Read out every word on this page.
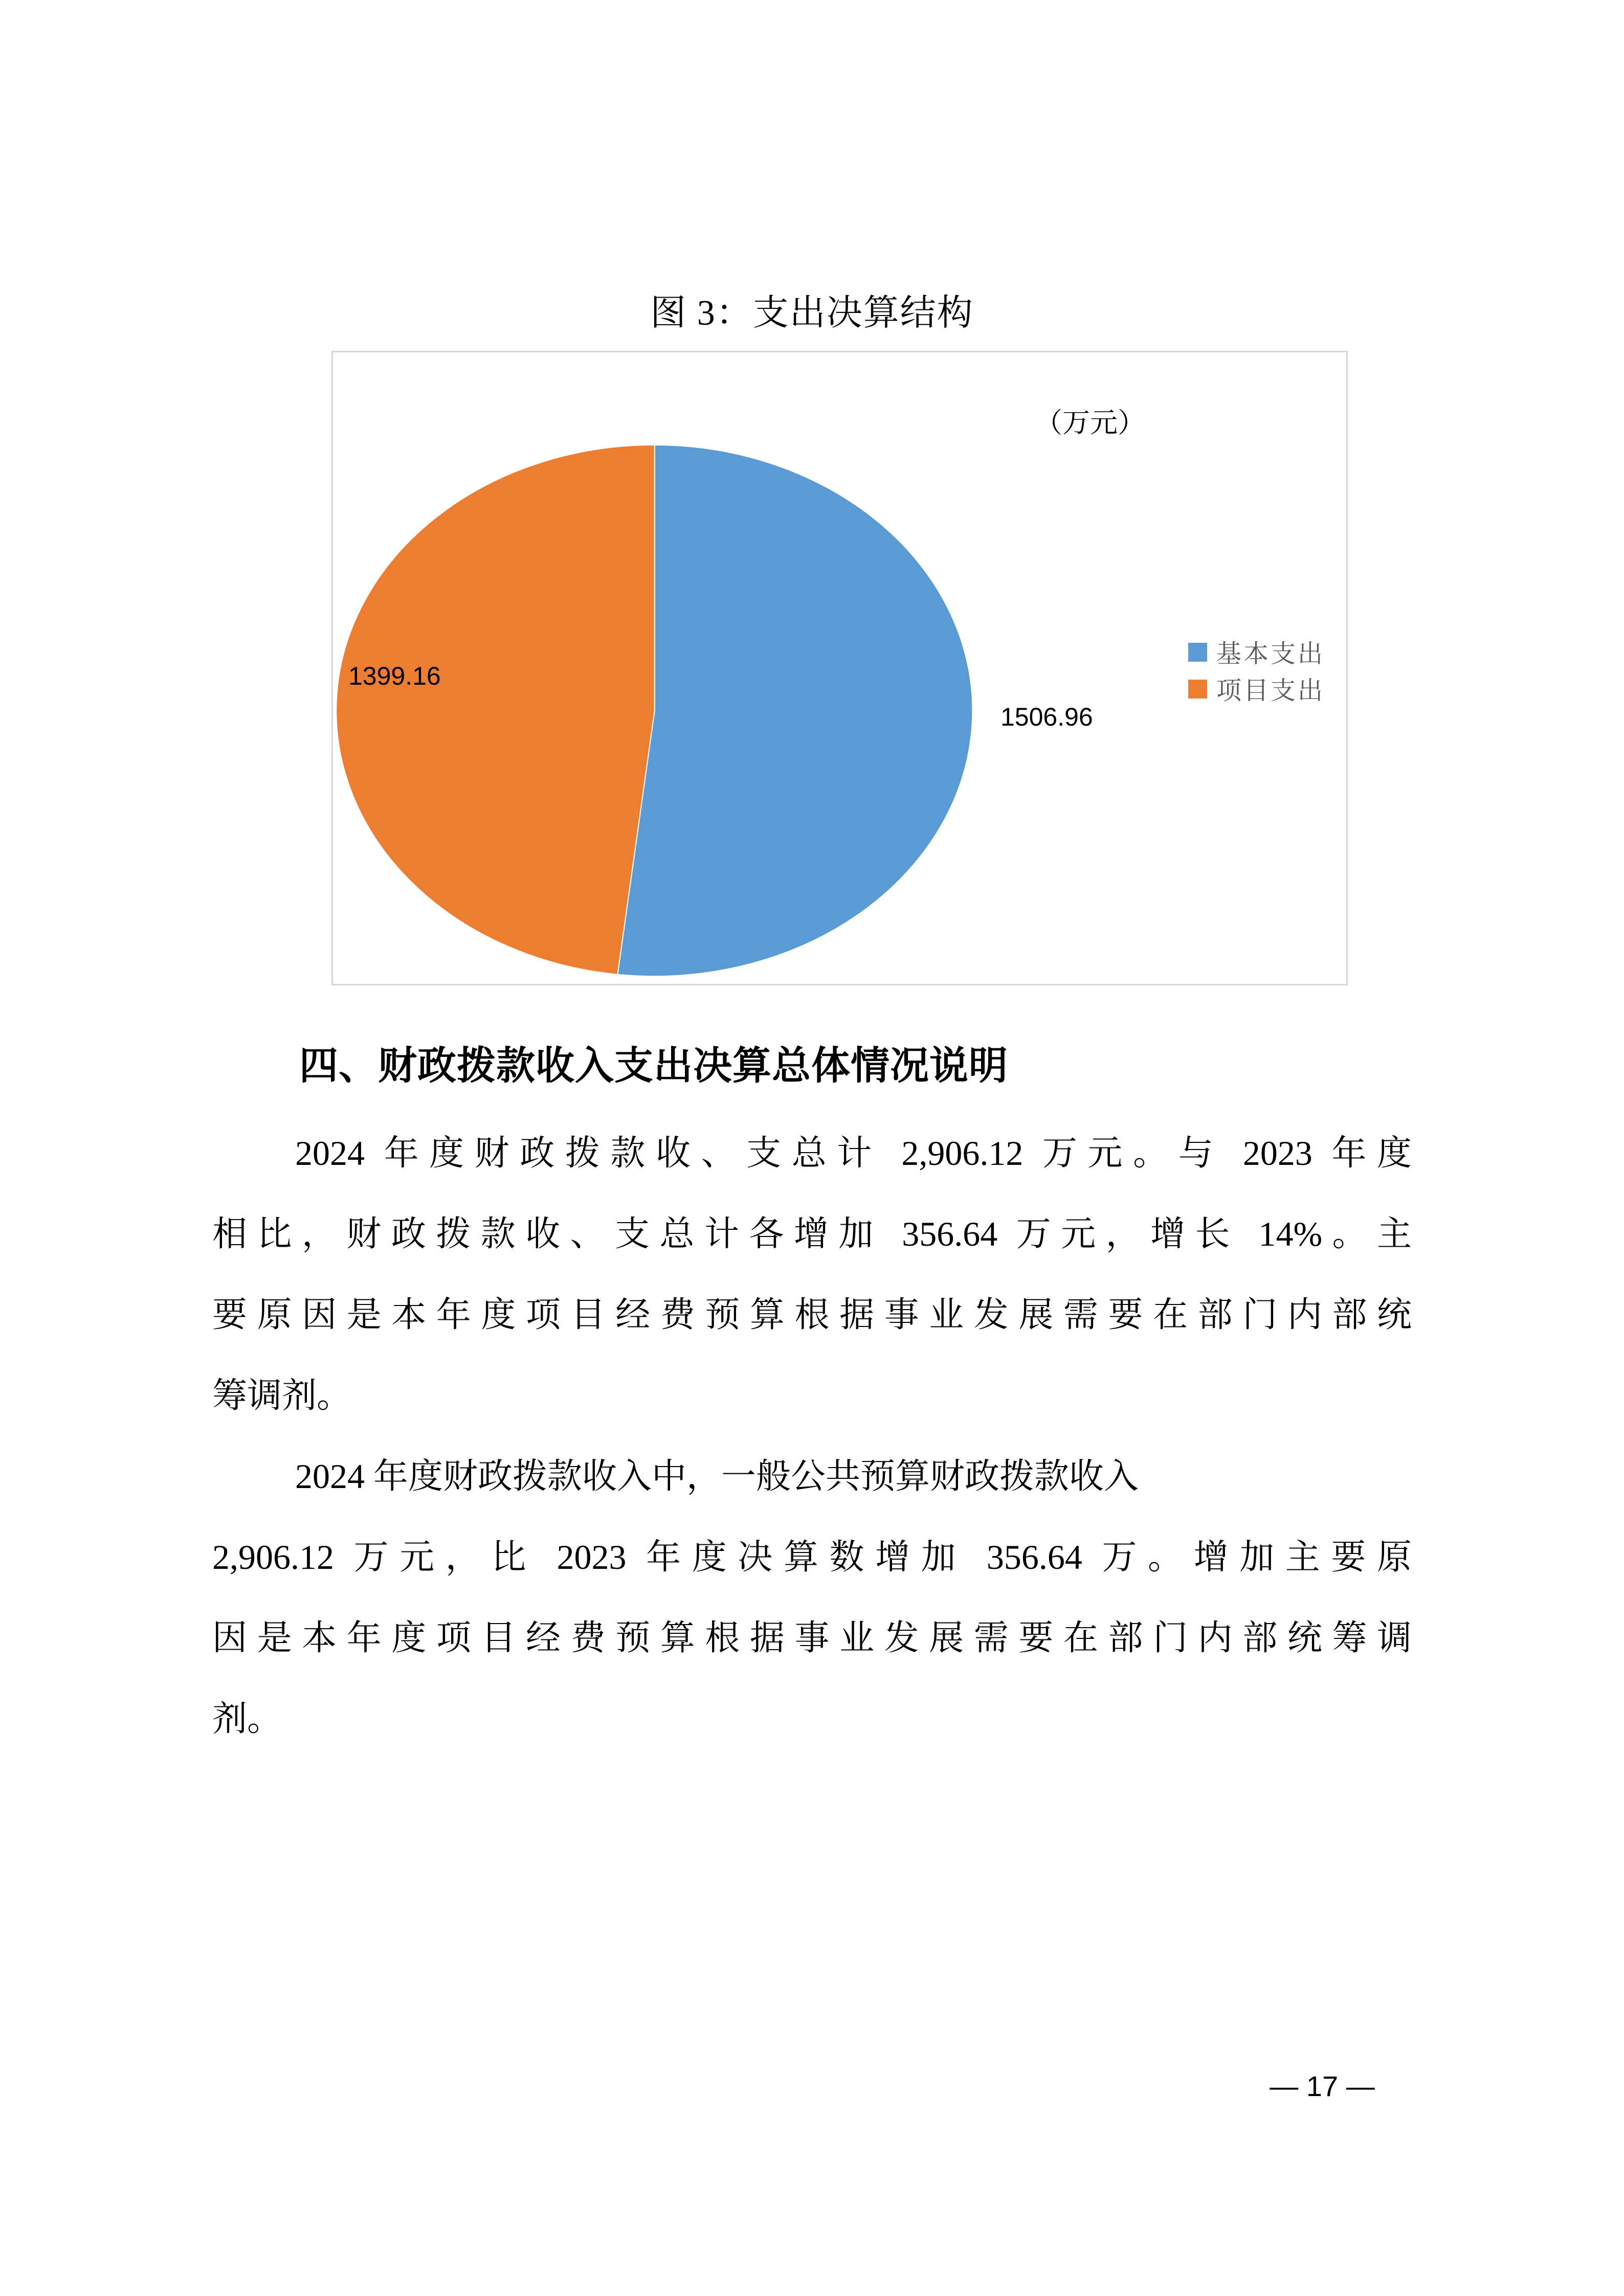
图 3：支出决算结构
（万元）
1399.16
1506.96
基本支出
项目支出
四、财政拨款收入支出决算总体情况说明
2024 年度财政拨款收、支总计 2,906.12 万元。与 2023 年度
相比，财政拨款收、支总计各增加 356.64 万元，增长 14%。主
要原因是本年度项目经费预算根据事业发展需要在部门内部统
筹调剂。
2024 年度财政拨款收入中，一般公共预算财政拨款收入
2,906.12 万元，比 2023 年度决算数增加 356.64 万。增加主要原
因是本年度项目经费预算根据事业发展需要在部门内部统筹调
剂。
— 17 —
